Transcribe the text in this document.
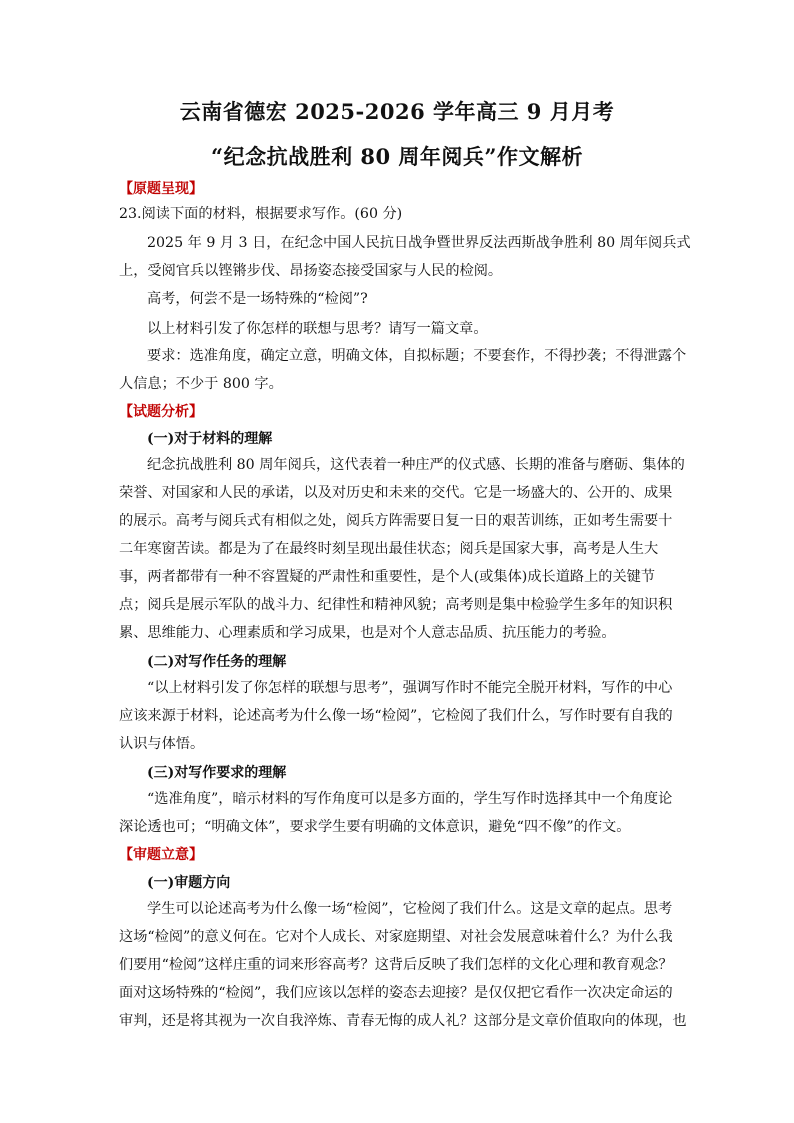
云南省德宏 2025-2026 学年高三 9 月月考
“纪念抗战胜利 80 周年阅兵”作文解析
【原题呈现】
23.阅读下面的材料，根据要求写作。(60 分)
2025 年 9 月 3 日，在纪念中国人民抗日战争暨世界反法西斯战争胜利 80 周年阅兵式
上，受阅官兵以铿锵步伐、昂扬姿态接受国家与人民的检阅。
高考，何尝不是一场特殊的“检阅”?
以上材料引发了你怎样的联想与思考？请写一篇文章。
要求：选准角度，确定立意，明确文体，自拟标题；不要套作，不得抄袭；不得泄露个
人信息；不少于 800 字。
【试题分析】
(一)对于材料的理解
纪念抗战胜利 80 周年阅兵，这代表着一种庄严的仪式感、长期的准备与磨砺、集体的
荣誉、对国家和人民的承诺，以及对历史和未来的交代。它是一场盛大的、公开的、成果
的展示。高考与阅兵式有相似之处，阅兵方阵需要日复一日的艰苦训练，正如考生需要十
二年寒窗苦读。都是为了在最终时刻呈现出最佳状态；阅兵是国家大事，高考是人生大
事，两者都带有一种不容置疑的严肃性和重要性，是个人(或集体)成长道路上的关键节
点；阅兵是展示军队的战斗力、纪律性和精神风貌；高考则是集中检验学生多年的知识积
累、思维能力、心理素质和学习成果，也是对个人意志品质、抗压能力的考验。
(二)对写作任务的理解
“以上材料引发了你怎样的联想与思考”，强调写作时不能完全脱开材料，写作的中心
应该来源于材料，论述高考为什么像一场“检阅”，它检阅了我们什么，写作时要有自我的
认识与体悟。
(三)对写作要求的理解
“选准角度”，暗示材料的写作角度可以是多方面的，学生写作时选择其中一个角度论
深论透也可；“明确文体”，要求学生要有明确的文体意识，避免“四不像”的作文。
【审题立意】
(一)审题方向
学生可以论述高考为什么像一场“检阅”，它检阅了我们什么。这是文章的起点。思考
这场“检阅”的意义何在。它对个人成长、对家庭期望、对社会发展意味着什么？为什么我
们要用“检阅”这样庄重的词来形容高考？这背后反映了我们怎样的文化心理和教育观念？
面对这场特殊的“检阅”，我们应该以怎样的姿态去迎接？是仅仅把它看作一次决定命运的
审判，还是将其视为一次自我淬炼、青春无悔的成人礼？这部分是文章价值取向的体现，也
